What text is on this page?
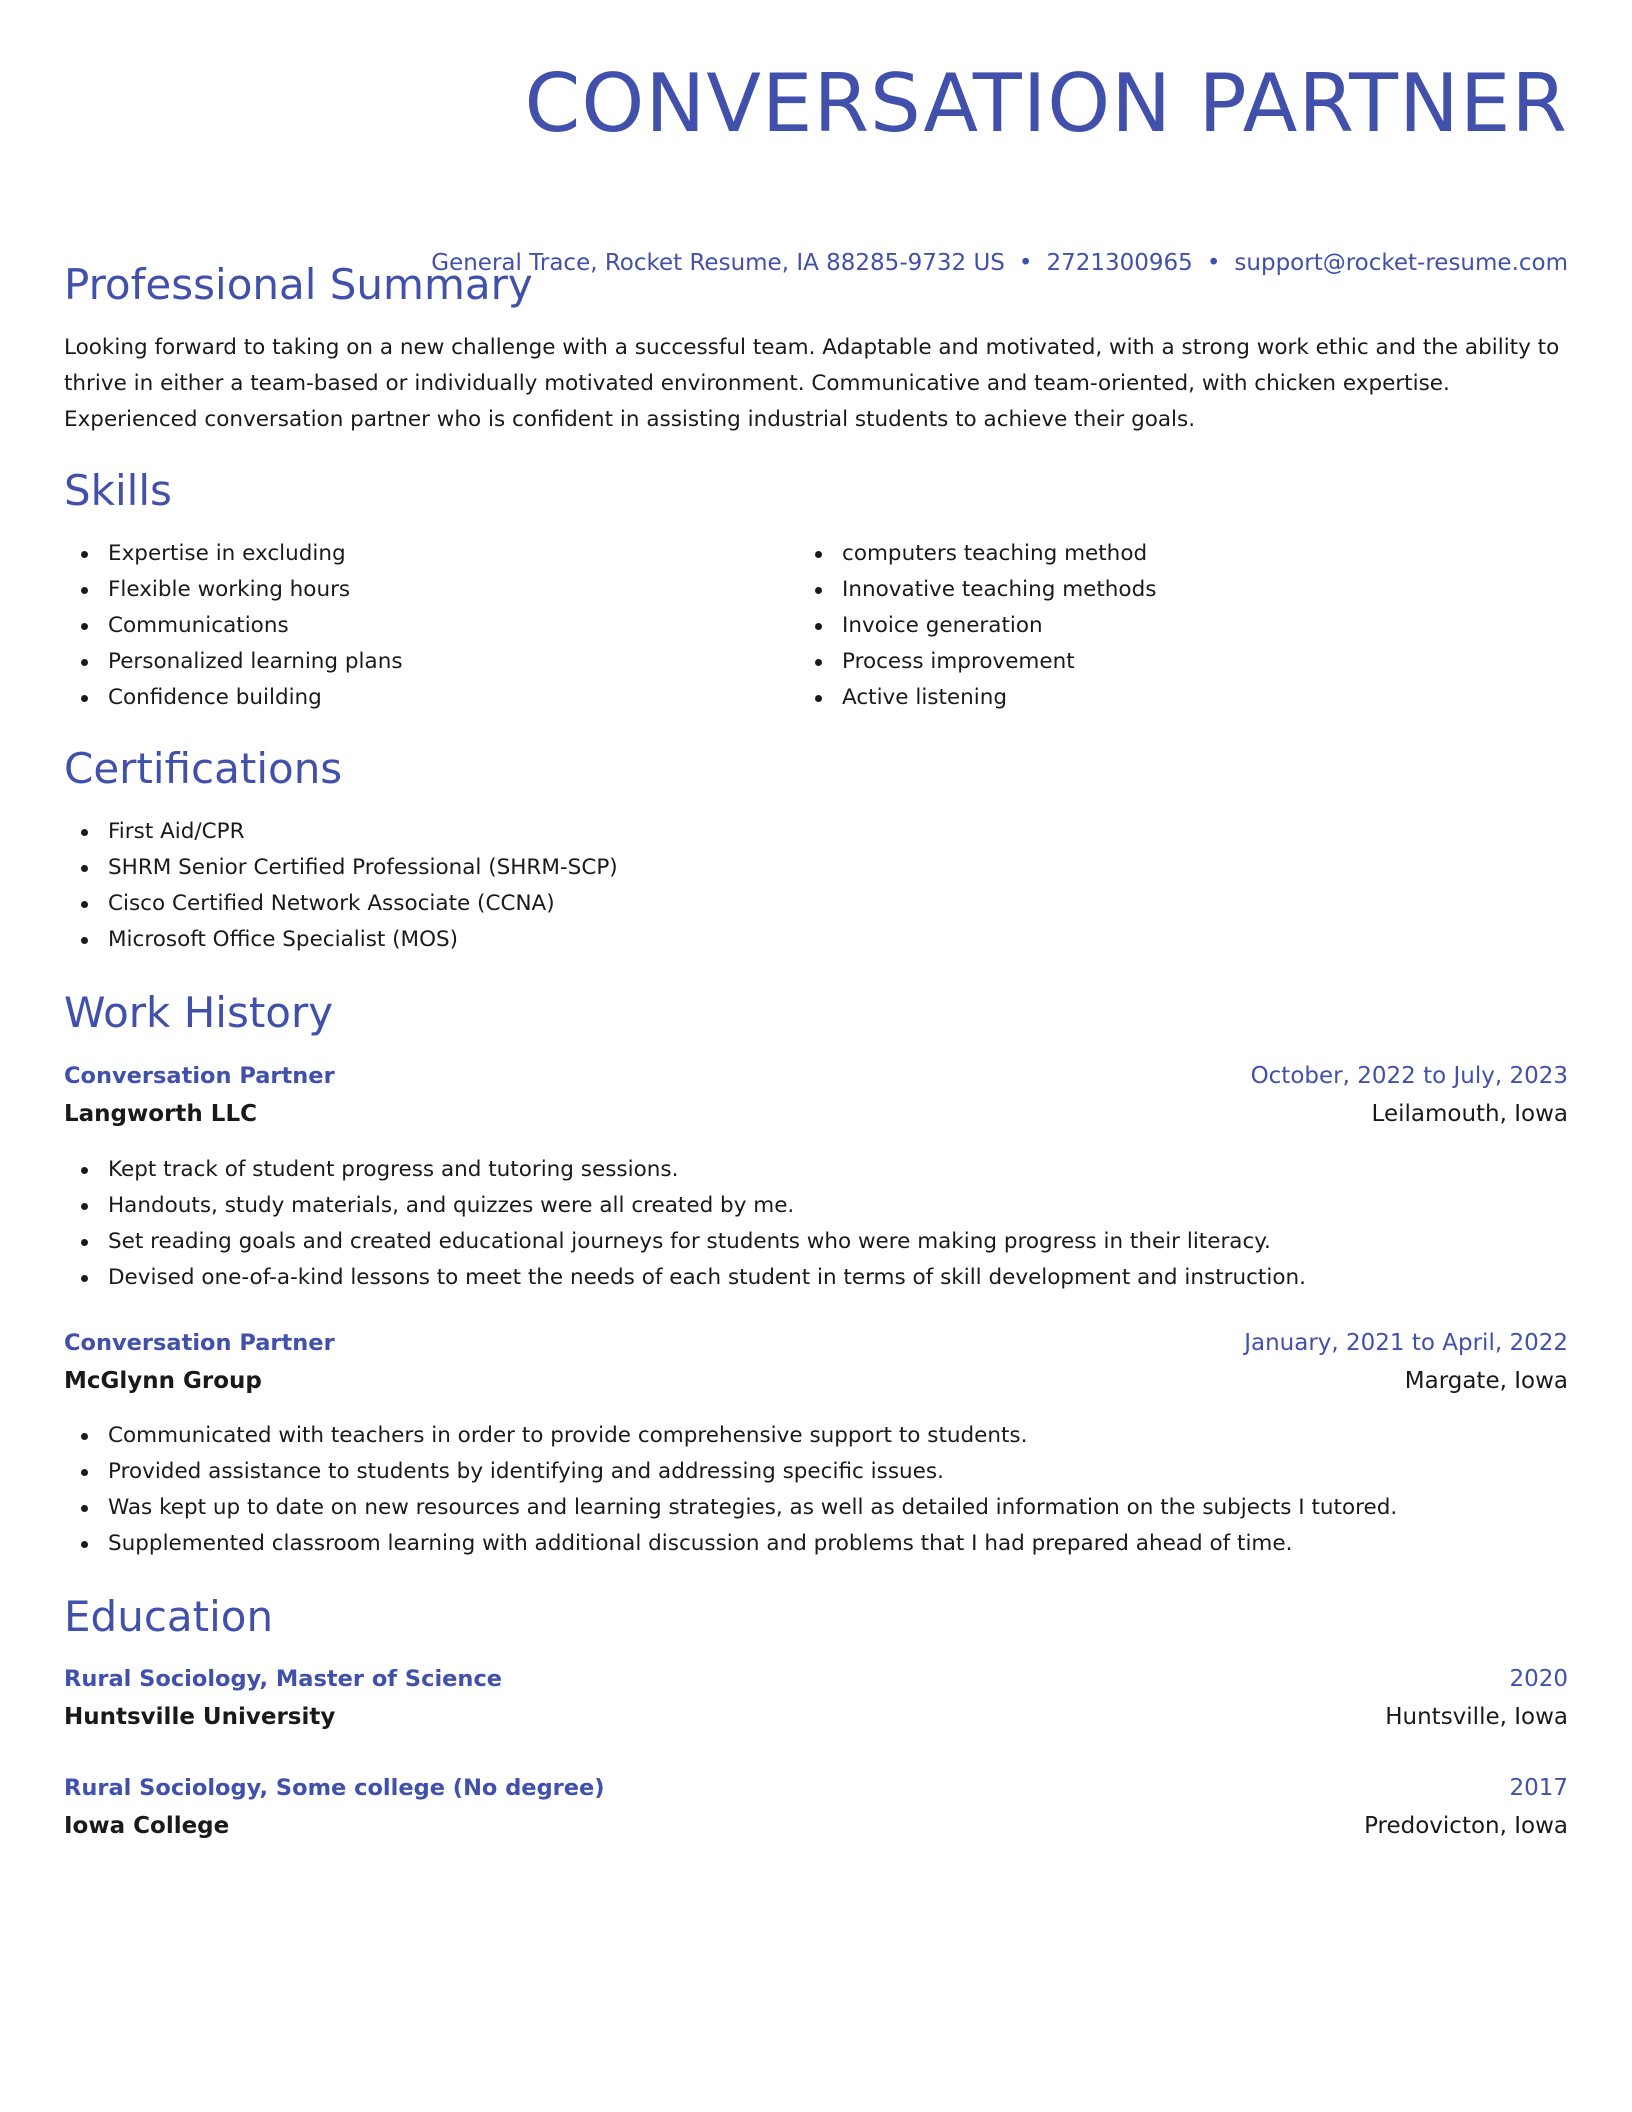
CONVERSATION PARTNER
General Trace, Rocket Resume, IA 88285-9732 US • 2721300965 • support@rocket-resume.com
Professional Summary

Looking forward to taking on a new challenge with a successful team. Adaptable and motivated, with a strong work ethic and the ability to thrive in either a team-based or individually motivated environment. Communicative and team-oriented, with chicken expertise. Experienced conversation partner who is confident in assisting industrial students to achieve their goals.

Skills
Expertise in excluding
Flexible working hours
Communications
Personalized learning plans
Confidence building
computers teaching method
Innovative teaching methods
Invoice generation
Process improvement
Active listening
Certifications
First Aid/CPR
SHRM Senior Certified Professional (SHRM-SCP)
Cisco Certified Network Associate (CCNA)
Microsoft Office Specialist (MOS)
Work History
Conversation Partner	October, 2022 to July, 2023
Langworth LLC	Leilamouth, Iowa
Kept track of student progress and tutoring sessions.
Handouts, study materials, and quizzes were all created by me.
Set reading goals and created educational journeys for students who were making progress in their literacy.
Devised one-of-a-kind lessons to meet the needs of each student in terms of skill development and instruction.
Conversation Partner	January, 2021 to April, 2022
McGlynn Group	Margate, Iowa
Communicated with teachers in order to provide comprehensive support to students.
Provided assistance to students by identifying and addressing specific issues.
Was kept up to date on new resources and learning strategies, as well as detailed information on the subjects I tutored.
Supplemented classroom learning with additional discussion and problems that I had prepared ahead of time.
Education
Rural Sociology, Master of Science	2020
Huntsville University	Huntsville, Iowa
Rural Sociology, Some college (No degree)	2017
Iowa College	Predovicton, Iowa
